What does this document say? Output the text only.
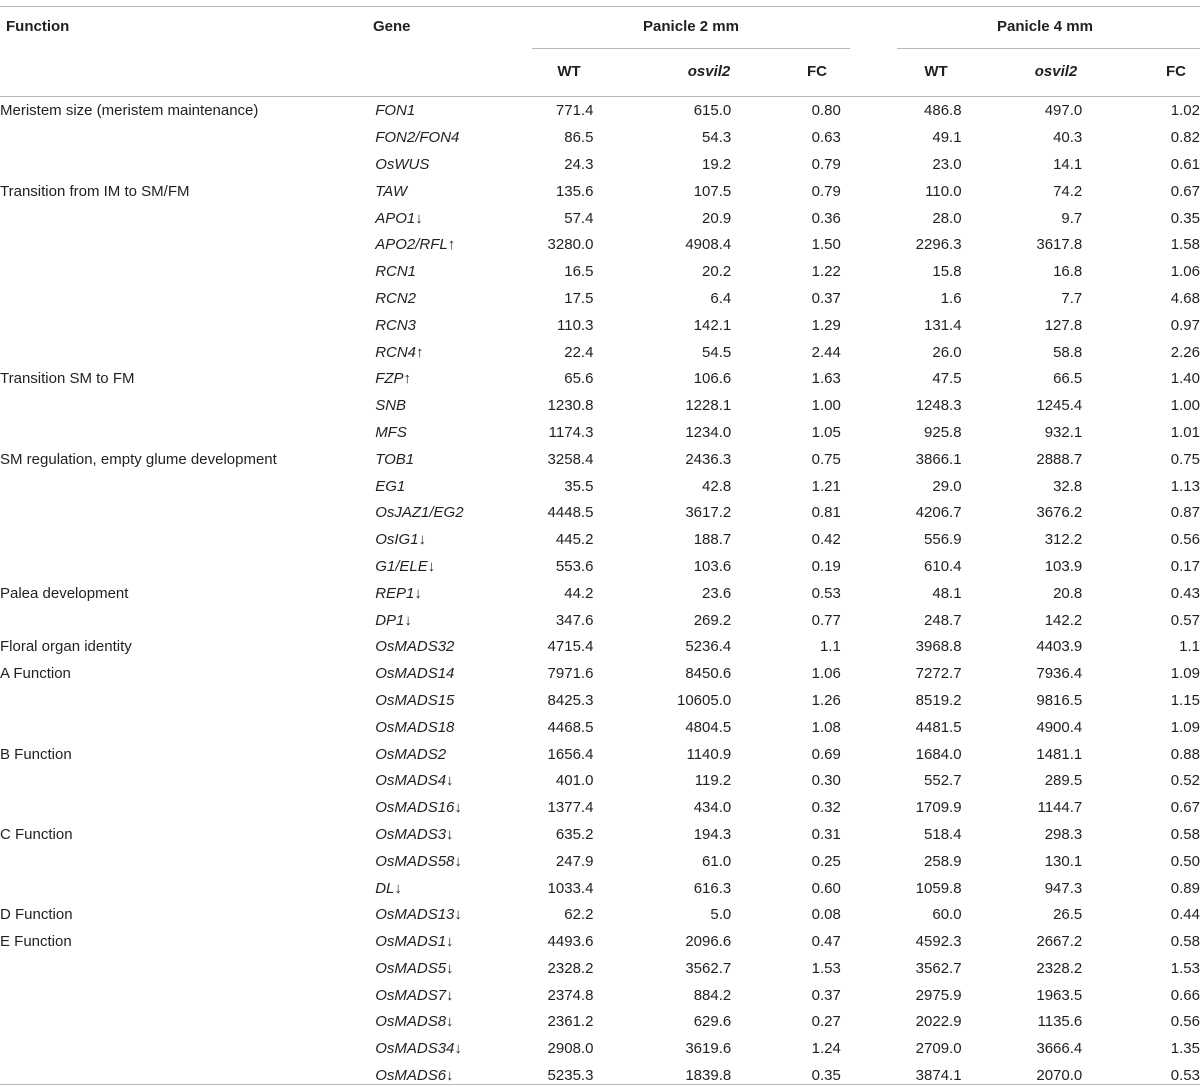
Function	Gene	Panicle 2 mm	Panicle 4 mm
WT	osvil2	FC	WT	osvil2	FC
Meristem size (meristem maintenance)	FON1	771.4	615.0	0.80	486.8	497.0	1.02
	FON2/FON4	86.5	54.3	0.63	49.1	40.3	0.82
	OsWUS	24.3	19.2	0.79	23.0	14.1	0.61
Transition from IM to SM/FM	TAW	135.6	107.5	0.79	110.0	74.2	0.67
	APO1↓	57.4	20.9	0.36	28.0	9.7	0.35
	APO2/RFL↑	3280.0	4908.4	1.50	2296.3	3617.8	1.58
	RCN1	16.5	20.2	1.22	15.8	16.8	1.06
	RCN2	17.5	6.4	0.37	1.6	7.7	4.68
	RCN3	110.3	142.1	1.29	131.4	127.8	0.97
	RCN4↑	22.4	54.5	2.44	26.0	58.8	2.26
Transition SM to FM	FZP↑	65.6	106.6	1.63	47.5	66.5	1.40
	SNB	1230.8	1228.1	1.00	1248.3	1245.4	1.00
	MFS	1174.3	1234.0	1.05	925.8	932.1	1.01
SM regulation, empty glume development	TOB1	3258.4	2436.3	0.75	3866.1	2888.7	0.75
	EG1	35.5	42.8	1.21	29.0	32.8	1.13
	OsJAZ1/EG2	4448.5	3617.2	0.81	4206.7	3676.2	0.87
	OsIG1↓	445.2	188.7	0.42	556.9	312.2	0.56
	G1/ELE↓	553.6	103.6	0.19	610.4	103.9	0.17
Palea development	REP1↓	44.2	23.6	0.53	48.1	20.8	0.43
	DP1↓	347.6	269.2	0.77	248.7	142.2	0.57
Floral organ identity	OsMADS32	4715.4	5236.4	1.1	3968.8	4403.9	1.1
A Function	OsMADS14	7971.6	8450.6	1.06	7272.7	7936.4	1.09
	OsMADS15	8425.3	10605.0	1.26	8519.2	9816.5	1.15
	OsMADS18	4468.5	4804.5	1.08	4481.5	4900.4	1.09
B Function	OsMADS2	1656.4	1140.9	0.69	1684.0	1481.1	0.88
	OsMADS4↓	401.0	119.2	0.30	552.7	289.5	0.52
	OsMADS16↓	1377.4	434.0	0.32	1709.9	1144.7	0.67
C Function	OsMADS3↓	635.2	194.3	0.31	518.4	298.3	0.58
	OsMADS58↓	247.9	61.0	0.25	258.9	130.1	0.50
	DL↓	1033.4	616.3	0.60	1059.8	947.3	0.89
D Function	OsMADS13↓	62.2	5.0	0.08	60.0	26.5	0.44
E Function	OsMADS1↓	4493.6	2096.6	0.47	4592.3	2667.2	0.58
	OsMADS5↓	2328.2	3562.7	1.53	3562.7	2328.2	1.53
	OsMADS7↓	2374.8	884.2	0.37	2975.9	1963.5	0.66
	OsMADS8↓	2361.2	629.6	0.27	2022.9	1135.6	0.56
	OsMADS34↓	2908.0	3619.6	1.24	2709.0	3666.4	1.35
	OsMADS6↓	5235.3	1839.8	0.35	3874.1	2070.0	0.53
